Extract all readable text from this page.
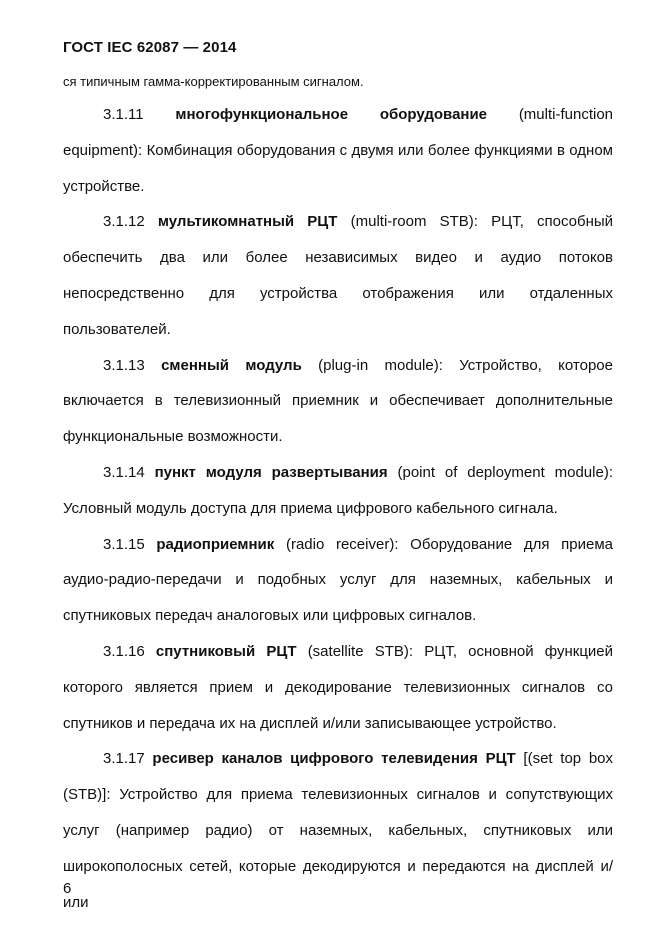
ГОСТ IEC 62087 — 2014

ся типичным гамма-корректированным сигналом.

3.1.11 многофункциональное оборудование (multi-function equipment): Комбинация оборудования с двумя или более функциями в одном устройстве.

3.1.12 мультикомнатный РЦТ (multi-room STB): РЦТ, способный обеспечить два или более независимых видео и аудио потоков непосредственно для устройства отображения или отдаленных пользователей.

3.1.13 сменный модуль (plug-in module): Устройство, которое включается в телевизионный приемник и обеспечивает дополнительные функциональные возможности.

3.1.14 пункт модуля развертывания (point of deployment module): Условный модуль доступа для приема цифрового кабельного сигнала.

3.1.15 радиоприемник (radio receiver): Оборудование для приема аудио-радио-передачи и подобных услуг для наземных, кабельных и спутниковых передач аналоговых или цифровых сигналов.

3.1.16 спутниковый РЦТ (satellite STB): РЦТ, основной функцией которого является прием и декодирование телевизионных сигналов со спутников и передача их на дисплей и/или записывающее устройство.

3.1.17 ресивер каналов цифрового телевидения РЦТ [(set top box (STB)]: Устройство для приема телевизионных сигналов и сопутствующих услуг (например радио) от наземных, кабельных, спутниковых или широкополосных сетей, которые декодируются и передаются на дисплей и/или

6
